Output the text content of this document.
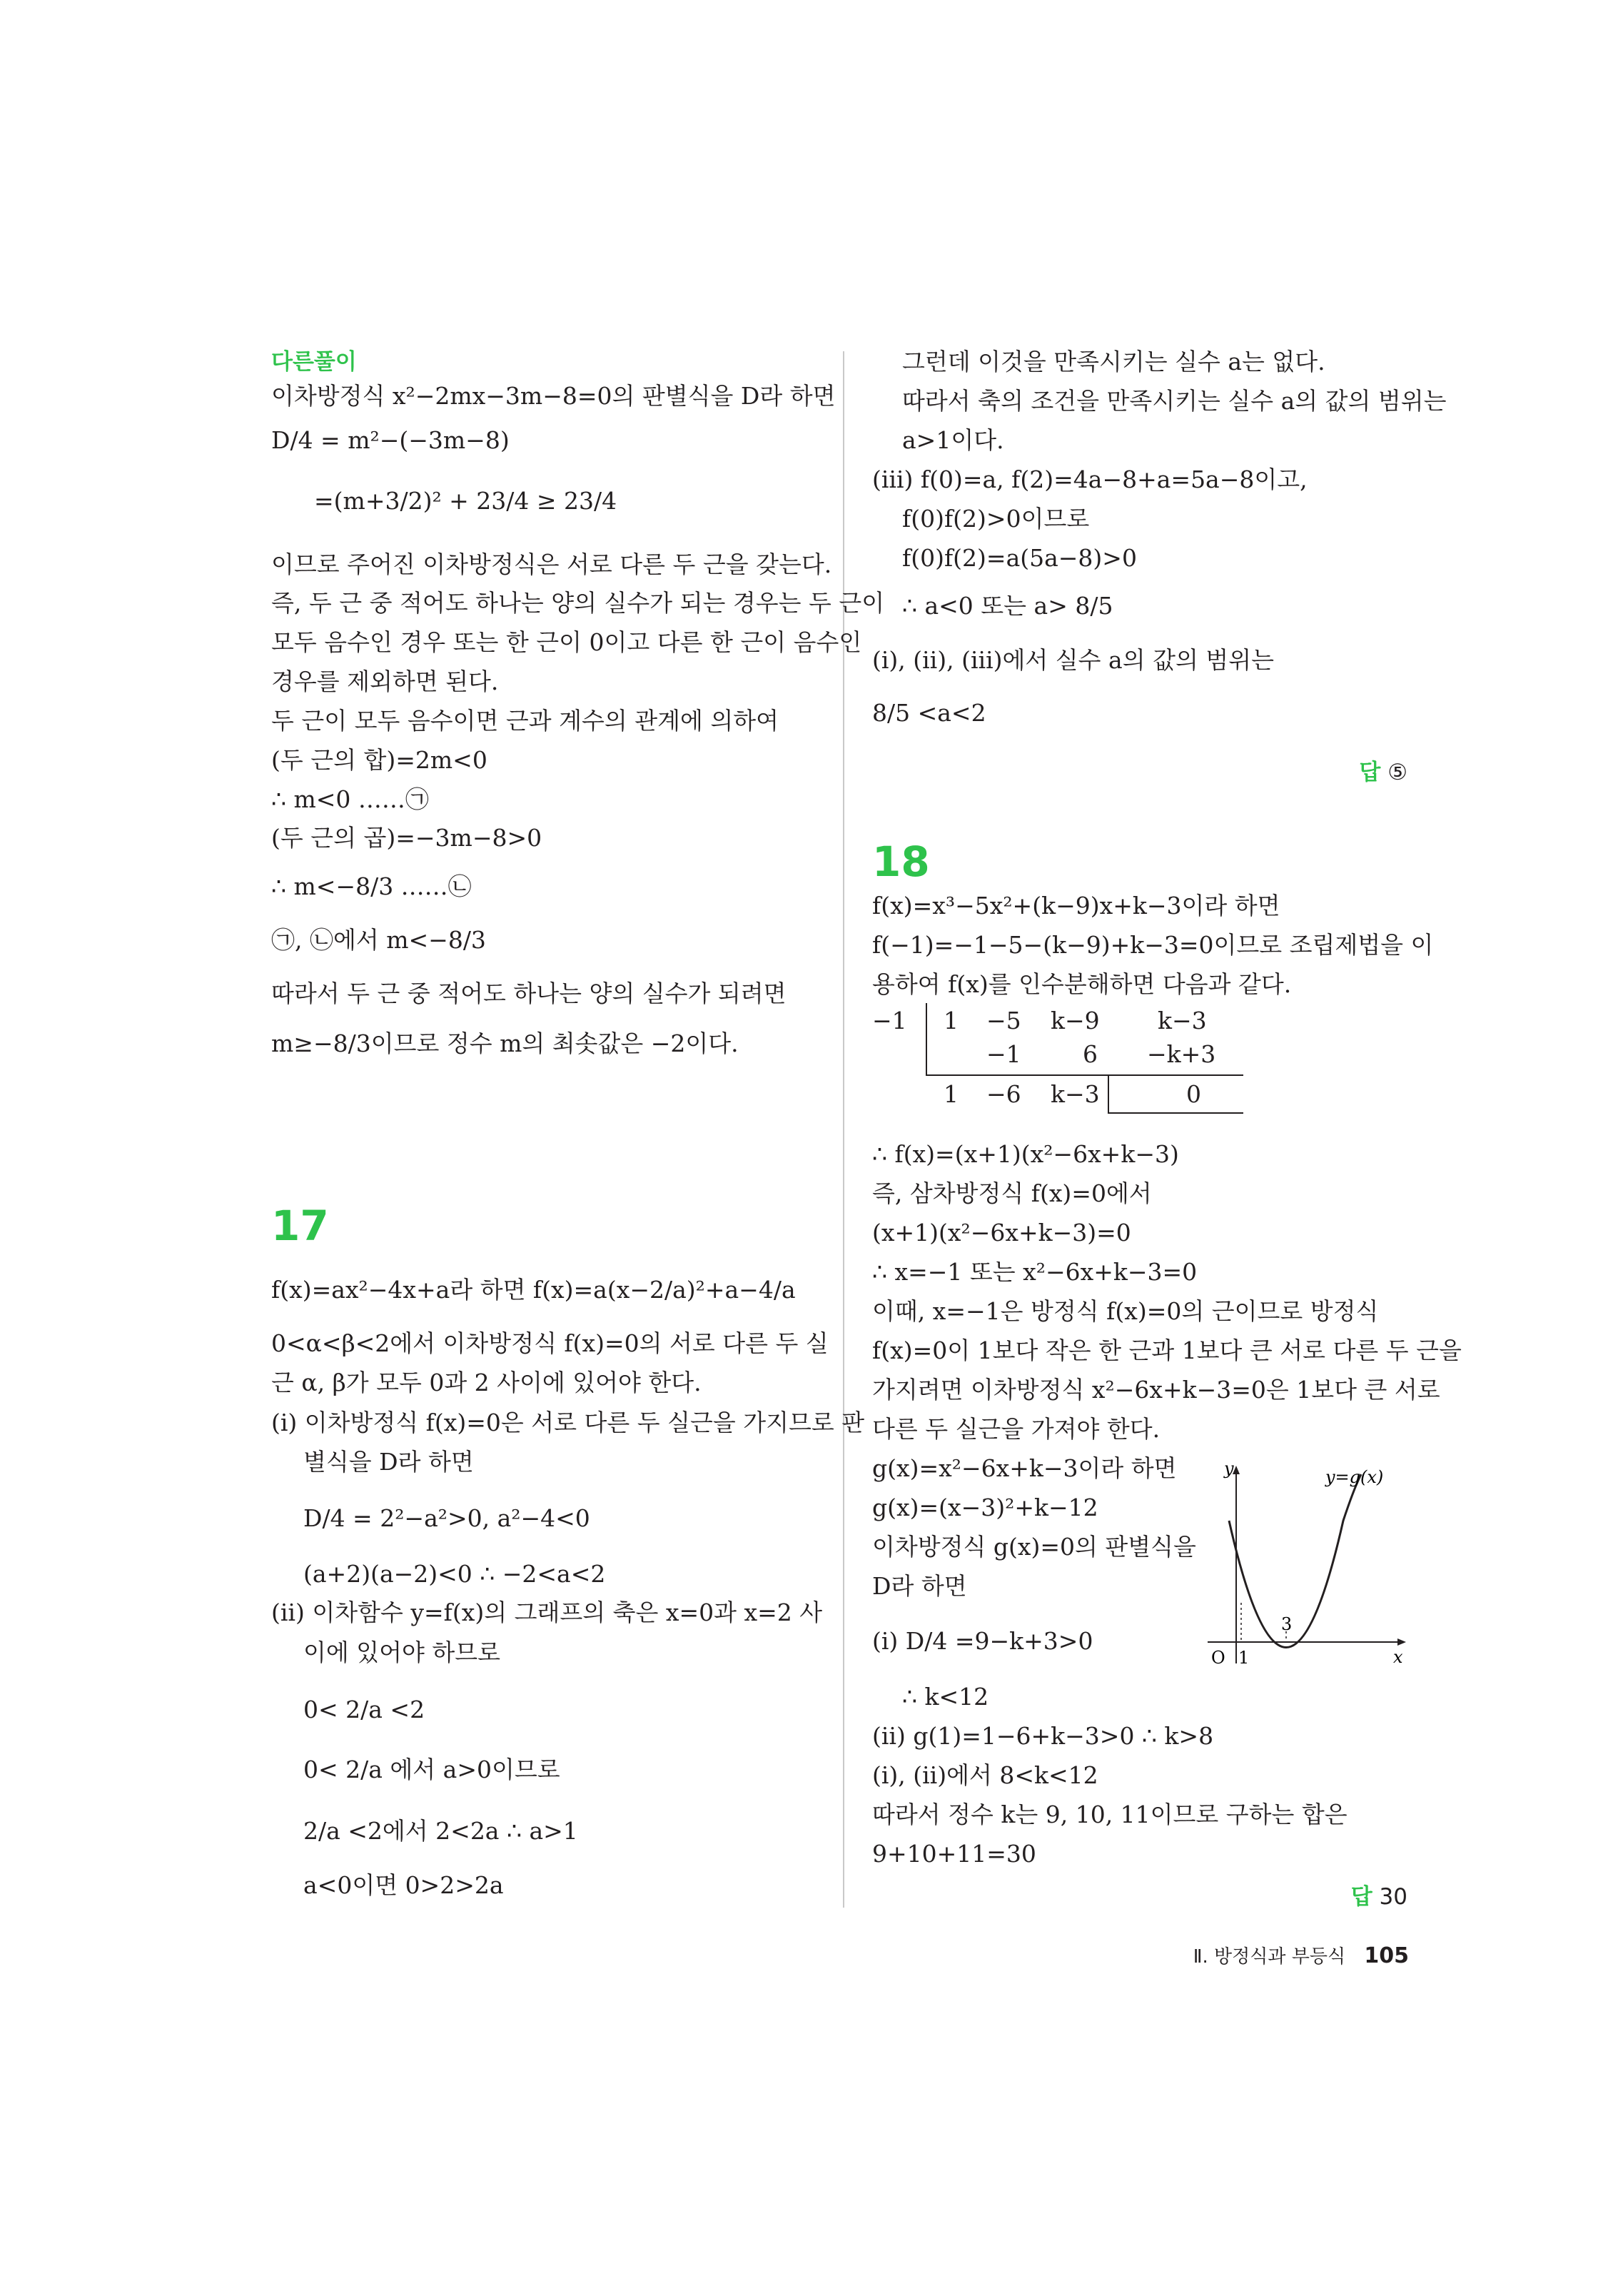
다른풀이
이차방정식 x²−2mx−3m−8=0의 판별식을 D라 하면
D/4 = m²−(−3m−8)
=(m+3/2)² + 23/4 ≥ 23/4
이므로 주어진 이차방정식은 서로 다른 두 근을 갖는다.
즉, 두 근 중 적어도 하나는 양의 실수가 되는 경우는 두 근이
모두 음수인 경우 또는 한 근이 0이고 다른 한 근이 음수인
경우를 제외하면 된다.
두 근이 모두 음수이면 근과 계수의 관계에 의하여
(두 근의 합)=2m<0
∴ m<0 ……㉠
(두 근의 곱)=−3m−8>0
∴ m<−8/3 ……㉡
㉠, ㉡에서 m<−8/3
따라서 두 근 중 적어도 하나는 양의 실수가 되려면
m≥−8/3이므로 정수 m의 최솟값은 −2이다.
17
f(x)=ax²−4x+a라 하면 f(x)=a(x−2/a)²+a−4/a
0<α<β<2에서 이차방정식 f(x)=0의 서로 다른 두 실
근 α, β가 모두 0과 2 사이에 있어야 한다.
(ⅰ) 이차방정식 f(x)=0은 서로 다른 두 실근을 가지므로 판
별식을 D라 하면
D/4 = 2²−a²>0, a²−4<0
(a+2)(a−2)<0 ∴ −2<a<2
(ⅱ) 이차함수 y=f(x)의 그래프의 축은 x=0과 x=2 사
이에 있어야 하므로
0< 2/a <2
0< 2/a 에서 a>0이므로
2/a <2에서 2<2a ∴ a>1
a<0이면 0>2>2a
그런데 이것을 만족시키는 실수 a는 없다.
따라서 축의 조건을 만족시키는 실수 a의 값의 범위는
a>1이다.
(ⅲ) f(0)=a, f(2)=4a−8+a=5a−8이고,
f(0)f(2)>0이므로
f(0)f(2)=a(5a−8)>0
∴ a<0 또는 a> 8/5
(ⅰ), (ⅱ), (ⅲ)에서 실수 a의 값의 범위는
8/5 <a<2
답 ⑤
18
f(x)=x³−5x²+(k−9)x+k−3이라 하면
f(−1)=−1−5−(k−9)+k−3=0이므로 조립제법을 이
용하여 f(x)를 인수분해하면 다음과 같다.
−1 1 −5 k−9 k−3
−1	6 −k+3
1 −6 k−3	0
∴ f(x)=(x+1)(x²−6x+k−3)
즉, 삼차방정식 f(x)=0에서
(x+1)(x²−6x+k−3)=0
∴ x=−1 또는 x²−6x+k−3=0
이때, x=−1은 방정식 f(x)=0의 근이므로 방정식
f(x)=0이 1보다 작은 한 근과 1보다 큰 서로 다른 두 근을
가지려면 이차방정식 x²−6x+k−3=0은 1보다 큰 서로
다른 두 실근을 가져야 한다.
g(x)=x²−6x+k−3이라 하면
g(x)=(x−3)²+k−12
이차방정식 g(x)=0의 판별식을
D라 하면
(ⅰ) D/4 =9−k+3>0
∴ k<12
(ⅱ) g(1)=1−6+k−3>0 ∴ k>8
(ⅰ), (ⅱ)에서 8<k<12
따라서 정수 k는 9, 10, 11이므로 구하는 합은
9+10+11=30
답 30
y
x
O 1
3
y=g(x)
Ⅱ. 방정식과 부등식 105
